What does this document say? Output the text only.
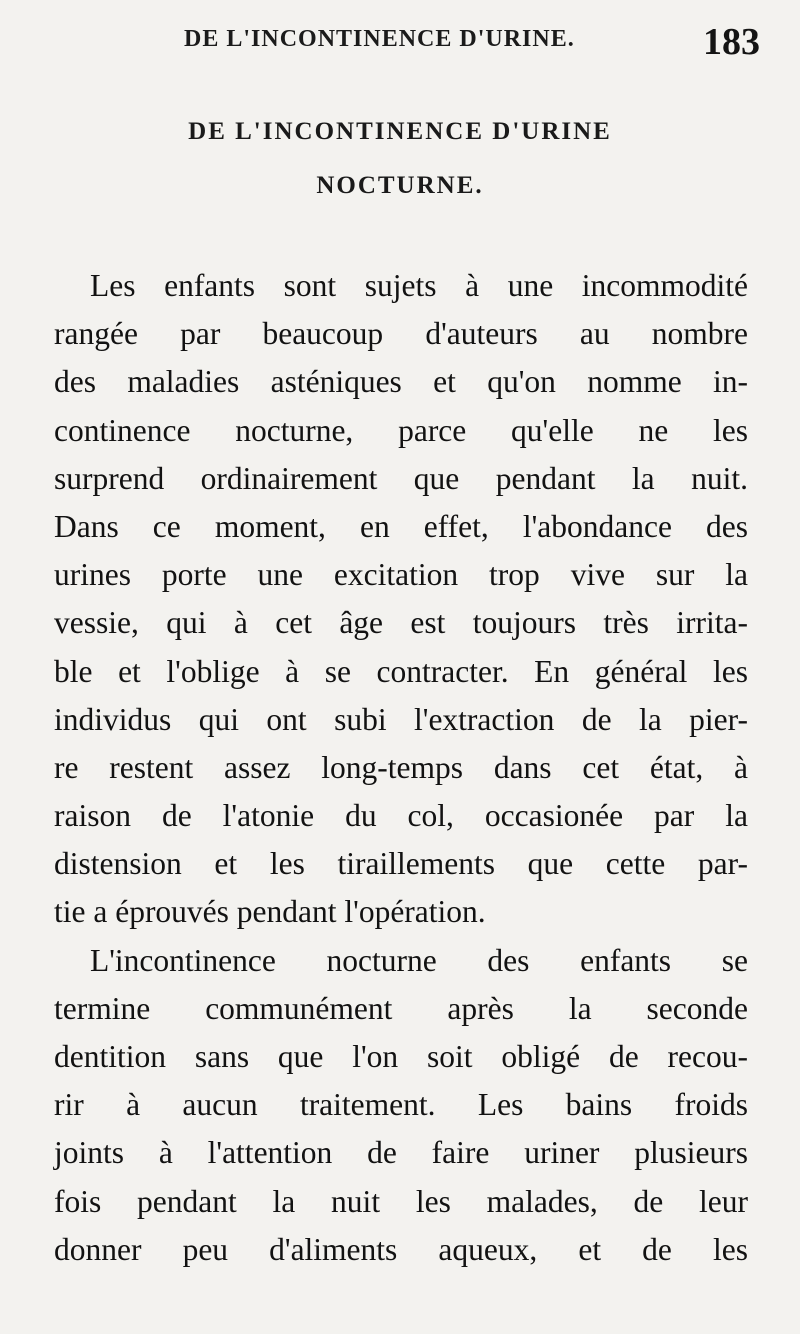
DE L'INCONTINENCE D'URINE.	183
DE L'INCONTINENCE D'URINE
NOCTURNE.
Les enfants sont sujets à une incommodité
rangée par beaucoup d'auteurs au nombre
des maladies asténiques et qu'on nomme in-
continence nocturne, parce qu'elle ne les
surprend ordinairement que pendant la nuit.
Dans ce moment, en effet, l'abondance des
urines porte une excitation trop vive sur la
vessie, qui à cet âge est toujours très irrita-
ble et l'oblige à se contracter. En général les
individus qui ont subi l'extraction de la pier-
re restent assez long-temps dans cet état, à
raison de l'atonie du col, occasionée par la
distension et les tiraillements que cette par-
tie a éprouvés pendant l'opération.
L'incontinence nocturne des enfants se
termine communément après la seconde
dentition sans que l'on soit obligé de recou-
rir à aucun traitement. Les bains froids
joints à l'attention de faire uriner plusieurs
fois pendant la nuit les malades, de leur
donner peu d'aliments aqueux, et de les
